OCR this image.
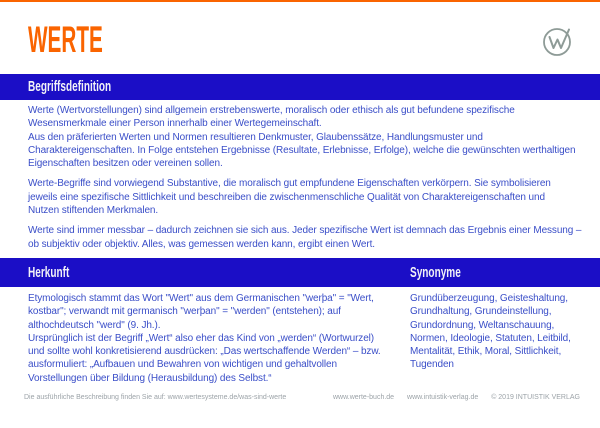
WERTE
Begriffsdefinition

Werte (Wertvorstellungen) sind allgemein erstrebenswerte, moralisch oder ethisch als gut befundene spezifische
Wesensmerkmale einer Person innerhalb einer Wertegemeinschaft.
Aus den präferierten Werten und Normen resultieren Denkmuster, Glaubenssätze, Handlungsmuster und
Charaktereigenschaften. In Folge entstehen Ergebnisse (Resultate, Erlebnisse, Erfolge), welche die gewünschten werthaltigen
Eigenschaften besitzen oder vereinen sollen.

Werte-Begriffe sind vorwiegend Substantive, die moralisch gut empfundene Eigenschaften verkörpern. Sie symbolisieren
jeweils eine spezifische Sittlichkeit und beschreiben die zwischenmenschliche Qualität von Charaktereigenschaften und
Nutzen stiftenden Merkmalen.

Werte sind immer messbar – dadurch zeichnen sie sich aus. Jeder spezifische Wert ist demnach das Ergebnis einer Messung –
ob subjektiv oder objektiv. Alles, was gemessen werden kann, ergibt einen Wert.

Herkunft	Synonyme

Etymologisch stammt das Wort "Wert" aus dem Germanischen "werþa" = "Wert,
kostbar"; verwandt mit germanisch "werþan" = "werden" (entstehen); auf
althochdeutsch "werd" (9. Jh.).
Ursprünglich ist der Begriff „Wert“ also eher das Kind von „werden“ (Wortwurzel)
und sollte wohl konkretisierend ausdrücken: „Das wertschaffende Werden“ – bzw.
ausformuliert: „Aufbauen und Bewahren von wichtigen und gehaltvollen
Vorstellungen über Bildung (Herausbildung) des Selbst.“

Grundüberzeugung, Geisteshaltung,
Grundhaltung, Grundeinstellung,
Grundordnung, Weltanschauung,
Normen, Ideologie, Statuten, Leitbild,
Mentalität, Ethik, Moral, Sittlichkeit,
Tugenden

Die ausführliche Beschreibung finden Sie auf: www.wertesysteme.de/was-sind-werte	www.werte-buch.de www.intuistik-verlag.de © 2019 INTUISTIK VERLAG
